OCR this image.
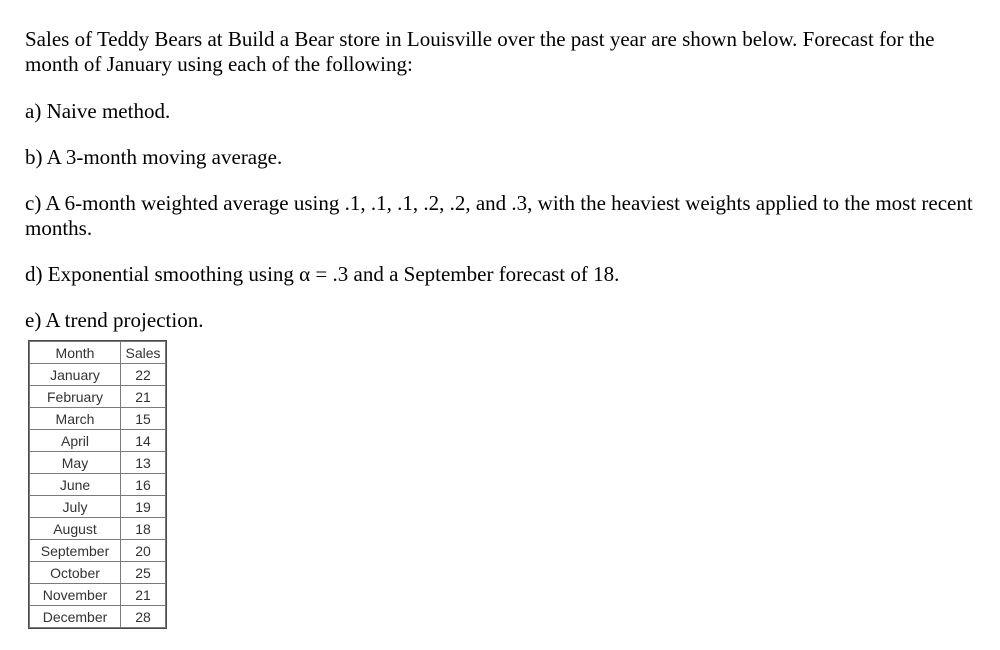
Sales of Teddy Bears at Build a Bear store in Louisville over the past year are shown below. Forecast for the month of January using each of the following:

a) Naive method.

b) A 3-month moving average.

c) A 6-month weighted average using .1, .1, .1, .2, .2, and .3, with the heaviest weights applied to the most recent months.

d) Exponential smoothing using α = .3 and a September forecast of 18.

e) A trend projection.

Month	Sales
January	22
February	21
March	15
April	14
May	13
June	16
July	19
August	18
September	20
October	25
November	21
December	28
